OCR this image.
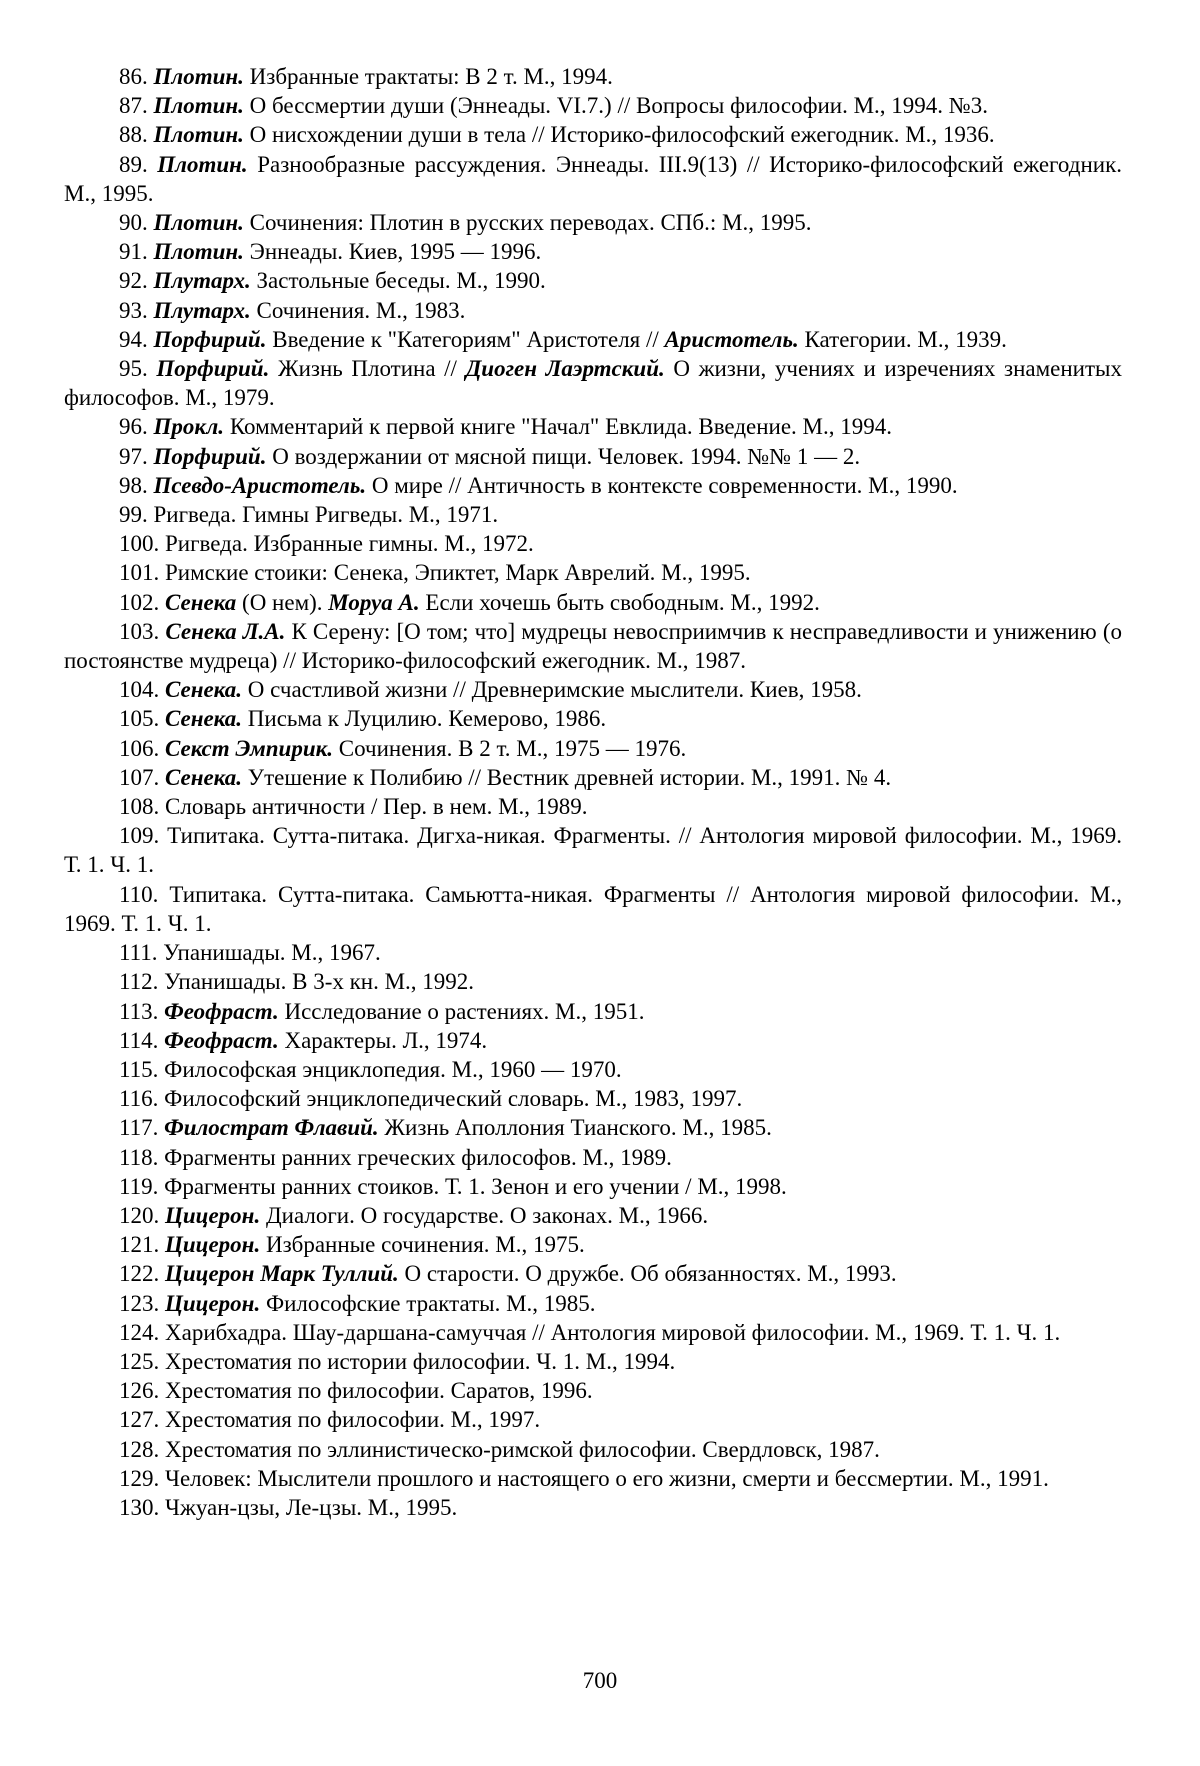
86. Плотин. Избранные трактаты: В 2 т. М., 1994.

87. Плотин. О бессмертии души (Эннеады. VI.7.) // Вопросы философии. М., 1994. №3.

88. Плотин. О нисхождении души в тела // Историко-философский ежегодник. М., 1936.

89. Плотин. Разнообразные рассуждения. Эннеады. III.9(13) // Историко-философский ежегодник. М., 1995.

90. Плотин. Сочинения: Плотин в русских переводах. СПб.: М., 1995.

91. Плотин. Эннеады. Киев, 1995 — 1996.

92. Плутарх. Застольные беседы. М., 1990.

93. Плутарх. Сочинения. М., 1983.

94. Порфирий. Введение к "Категориям" Аристотеля // Аристотель. Категории. М., 1939.

95. Порфирий. Жизнь Плотина // Диоген Лаэртский. О жизни, учениях и изречениях знаменитых философов. М., 1979.

96. Прокл. Комментарий к первой книге "Начал" Евклида. Введение. М., 1994.

97. Порфирий. О воздержании от мясной пищи. Человек. 1994. №№ 1 — 2.

98. Псевдо-Аристотель. О мире // Античность в контексте современности. М., 1990.

99. Ригведа. Гимны Ригведы. М., 1971.

100. Ригведа. Избранные гимны. М., 1972.

101. Римские стоики: Сенека, Эпиктет, Марк Аврелий. М., 1995.

102. Сенека (О нем). Моруа А. Если хочешь быть свободным. М., 1992.

103. Сенека Л.А. К Серену: [О том; что] мудрецы невосприимчив к несправедливости и унижению (о постоянстве мудреца) // Историко-философский ежегодник. М., 1987.

104. Сенека. О счастливой жизни // Древнеримские мыслители. Киев, 1958.

105. Сенека. Письма к Луцилию. Кемерово, 1986.

106. Секст Эмпирик. Сочинения. В 2 т. М., 1975 — 1976.

107. Сенека. Утешение к Полибию // Вестник древней истории. М., 1991. № 4.

108. Словарь античности / Пер. в нем. М., 1989.

109. Типитака. Сутта-питака. Дигха-никая. Фрагменты. // Антология мировой философии. М., 1969. Т. 1. Ч. 1.

110. Типитака. Сутта-питака. Самьютта-никая. Фрагменты // Антология мировой философии. М., 1969. Т. 1. Ч. 1.

111. Упанишады. М., 1967.

112. Упанишады. В 3-х кн. М., 1992.

113. Феофраст. Исследование о растениях. М., 1951.

114. Феофраст. Характеры. Л., 1974.

115. Философская энциклопедия. М., 1960 — 1970.

116. Философский энциклопедический словарь. М., 1983, 1997.

117. Филострат Флавий. Жизнь Аполлония Тианского. М., 1985.

118. Фрагменты ранних греческих философов. М., 1989.

119. Фрагменты ранних стоиков. Т. 1. Зенон и его учении / М., 1998.

120. Цицерон. Диалоги. О государстве. О законах. М., 1966.

121. Цицерон. Избранные сочинения. М., 1975.

122. Цицерон Марк Туллий. О старости. О дружбе. Об обязанностях. М., 1993.

123. Цицерон. Философские трактаты. М., 1985.

124. Харибхадра. Шау-даршана-самуччая // Антология мировой философии. М., 1969. Т. 1. Ч. 1.

125. Хрестоматия по истории философии. Ч. 1. М., 1994.

126. Хрестоматия по философии. Саратов, 1996.

127. Хрестоматия по философии. М., 1997.

128. Хрестоматия по эллинистическо-римской философии. Свердловск, 1987.

129. Человек: Мыслители прошлого и настоящего о его жизни, смерти и бессмертии. М., 1991.

130. Чжуан-цзы, Ле-цзы. М., 1995.

700
